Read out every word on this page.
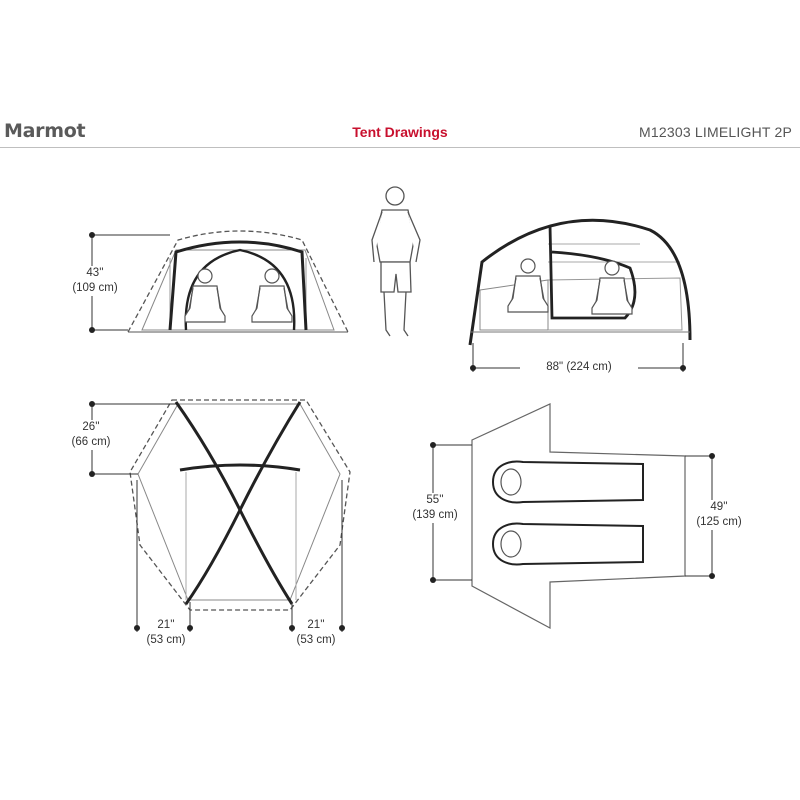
Marmot	Tent Drawings	M12303 LIMELIGHT 2P
43''
(109 cm)
88" (224 cm)
26''
(66 cm)
21''
(53 cm)
21''
(53 cm)
55''
(139 cm)
49''
(125 cm)
